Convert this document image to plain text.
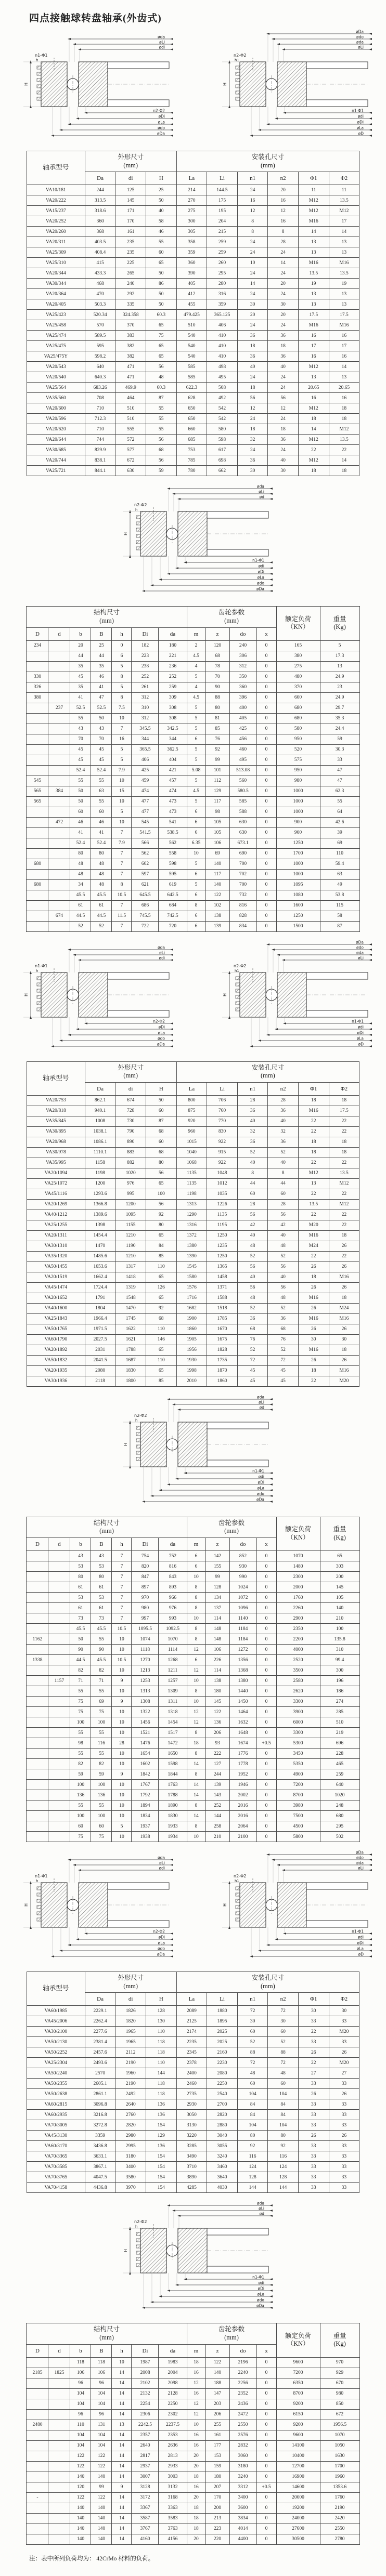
四点接触球转盘轴承(外齿式)
n1-Φ1
øda
øLi
ødi
n2-Φ2
øDi
øLa
ødo
øDa
H
h
n2-Φ2
øDa
ødo
øda
øLi
n1-Φ1
ødi
øDi
øLa
øD
H
h1
轴承型号	外形尺寸
(mm)			安装孔尺寸
(mm)					
	Da	di	H	La	Li	n1	n2	Φ1	Φ2
VA10/181	244	125	25	214	144.5	24	20	11	11
VA20/222	313.5	145	50	270	175	16	16	M12	13.5
VA15/237	318.6	171	40	275	195	12	12	M12	M12
VA20/252	360	170	58	300	204	8	16	M16	17
VA20/260	368	161	46	305	215	8	8	14	14
VA20/311	403.5	235	55	358	259	24	28	13	13
VA25/309	408.4	235	60	359	259	24	24	13	13
VA25/310	415	225	65	360	260	10	14	M16	M16
VA20/344	433.3	265	50	390	295	24	24	13.5	13.5
VA30/344	468	240	86	405	280	14	20	19	19
VA20/364	470	292	50	412	316	24	24	13	13
VA20/405	503.3	335	50	455	359	30	30	13	13
VA25/423	520.34	324.358	60.3	479.425	365.125	20	20	17.5	17.5
VA25/458	570	370	65	510	406	24	24	M16	M16
VA25/474	589.5	383	75	540	410	36	36	16	16
VA25/475	595	382	65	540	410	18	18	17	17
VA25/475Y	598.2	382	65	540	410	36	36	16	16
VA20/543	640	471	56	585	498	40	40	M12	14
VA20/540	640.3	471	48	585	495	24	24	13	13
VA25/564	683.26	469.9	60.3	622.3	508	18	24	20.65	20.65
VA35/560	708	464	87	628	492	56	56	16	16
VA20/600	710	510	55	650	542	12	12	M12	18
VA20/596	712.3	510	55	650	542	24	24	18	18
VA20/620	710	555	55	660	580	18	18	14	M12
VA20/644	744	572	56	685	598	32	36	M12	13.5
VA30/685	829.9	577	68	753	617	24	24	22	22
VA20/744	838.1	672	56	785	698	36	40	M12	14
VA25/721	844.1	630	59	780	662	30	30	18	18
n2-Φ2
øda
øLi
ød
n1-Φ1
ødi
øDi
øLa
ødo
øDa
H
h
结构尺寸
(mm)							齿轮参数
(mm)				额定负荷
（KN）	重量
(Kg)
D	d	b	B	h	Di	da	m	z	do	x		
234		20	25	0	182	180	2	120	240	0	165	5
		44	44	6	223	221	4.5	68	306	0	380	17.3
		35	35	5	238	236	4	78	312	0	275	13
330		45	46	8	252	252	5	70	350	0	480	24.9
326		35	41	5	261	259	4	90	360	0	370	23
380		41	47	8	312	309	4.5	88	396	0	600	24.9
	237	52.5	52.5	7.5	310	308	5	80	400	0	680	29.7
		55	50	10	312	308	5	81	405	0	680	35.3
		43	43	7	345.5	342.5	5	85	425	0	580	24.4
		70	70	16	344	344	6	76	456	0	950	59
		45	45	5	365.5	362.5	5	92	460	0	520	30.3
		45	45	5	406	404	5	99	495	0	575	33
		52.4	52.4	7.9	425	421	5.08	101	513.08	0	950	47
545		55	55	10	459	457	5	112	560	0	980	47
565	384	50	63	15	474	474	4.5	129	580.5	0	1000	62.3
565		50	55	10	477	473	5	117	585	0	1000	55
		60	60	5	477	473	6	98	588	0	1000	64
	472	46	46	10	545	541	6	105	630	0	900	42.6
		41	41	7	541.5	538.5	6	105	630	0	900	39
		52.4	52.4	7.9	566	562	6.35	106	673.1	0	1250	69
		80	80	7	562	558	10	69	690	0	1700	110
680		48	48	7	602	598	5	140	700	0	1000	59.4
		48	48	7	597	595	6	117	702	0	1000	63
680		34	48	8	621	619	5	140	700	0	1095	49
		45.5	45.5	10.5	645.5	642.5	6	122	732	0	1080	53.8
		61	61	7	686	684	8	102	816	0	1600	115
	674	44.5	44.5	11.5	745.5	742.5	6	138	828	0	1250	58
		52	52	7	722	720	6	139	834	0	1500	87
n1-Φ1
øda
øLi
ødi
n2-Φ2
øDi
øLa
ødo
øDa
H
h
n2-Φ2
øDa
ødo
øda
øLi
n1-Φ1
ødi
øDi
øLa
øD
H
h1
轴承型号	外形尺寸
(mm)			安装孔尺寸
(mm)					
	Da	di	H	La	Li	n1	n2	Φ1	Φ2
VA20/753	862.1	674	50	800	706	28	28	18	18
VA20/818	940.1	728	60	875	760	36	36	M16	17.5
VA35/845	1008	730	87	920	770	40	40	22	22
VA30/895	1038.1	790	68	960	830	32	32	22	22
VA20/968	1086.1	890	60	1015	922	36	36	18	18
VA30/978	1110.1	883	68	1040	915	52	52	18	18
VA35/995	1158	882	80	1068	922	40	40	22	22
VA20/1094	1198	1020	56	1135	1048	8	8	M12	13.5
VA25/1072	1200	976	65	1135	1012	44	44	13	M12
VA45/1116	1293.6	995	100	1198	1035	60	60	22	22
VA20/1269	1366.8	1200	56	1313	1226	28	28	13.5	M12
VA40/1212	1389.6	1095	92	1290	1135	56	56	22	22
VA25/1255	1398	1155	80	1316	1195	42	42	M20	22
VA20/1311	1454.4	1210	65	1372	1250	40	40	M16	18
VA30/1310	1470	1190	84	1380	1235	48	48	M24	26
VA35/1320	1485.6	1210	85	1390	1250	52	52	22	22
VA50/1455	1653.6	1317	110	1545	1365	56	56	26	26
VA20/1519	1662.4	1418	65	1580	1458	40	40	18	M16
VA45/1474	1724.4	1319	126	1576	1371	56	56	26	26
VA20/1652	1791	1548	65	1716	1588	48	48	M16	18
VA40/1600	1804	1470	92	1682	1518	52	52	26	M24
VA25/1843	1966.4	1745	68	1900	1785	36	36	M16	M16
VA50/1765	1971.5	1622	110	1860	1670	68	68	26	26
VA60/1790	2027.5	1621	146	1905	1675	76	76	30	30
VA20/1892	2031	1788	65	1956	1828	52	52	M16	18
VA50/1832	2041.5	1687	110	1930	1735	72	72	26	26
VA20/1935	2080	1830	65	1998	1870	45	45	18	M16
VA30/1936	2118	1800	85	2010	1860	45	45	22	M20
n2-Φ2
øda
øLi
ød
n1-Φ1
ødi
øDi
øLa
ødo
øDa
H
h
结构尺寸
(mm)							齿轮参数
(mm)				额定负荷
（KN）	重量
(Kg)
D	d	b	B	h	Di	da	m	z	do	x		
		43	43	7	754	752	6	142	852	0	1070	65
		53	53	7	820	816	6	155	930	0	1480	303
		80	80	7	847	843	10	99	990	0	2300	200
		61	61	7	897	893	8	128	1024	0	2000	145
		53	53	7	970	966	8	134	1072	0	1760	105
		61	61	7	980	976	8	137	1096	0	2260	140
		73	73	7	997	993	10	114	1140	0	2900	210
		45.5	45.5	10.5	1095.5	1092.5	8	148	1184	0	2350	100
1162		50	55	10	1074	1070	8	148	1184	0	2200	135.8
		90	90	10	1118	1114	12	106	1272	0	4000	310
1338		44.5	45.5	10.5	1270	1268	6	226	1356	0	2520	99.4
		82	82	10	1213	1211	12	114	1368	0	3500	300
	1157	71	71	9	1253	1257	10	138	1380	0	2580	196
		55	55	10	1313	1309	8	180	1440	0	2620	186
		75	69	9	1308	1311	10	145	1450	0	3300	274
		75	75	10	1322	1318	12	122	1464	0	3900	285
		100	100	10	1456	1454	12	136	1632	0	6000	510
		55	55	10	1521	1517	8	206	1648	0	3300	219
		98	116	28	1476	1472	18	93	1674	+0.5	5300	696
		55	55	10	1654	1650	8	222	1776	0	3450	228
		82	82	10	1602	1598	14	127	1778	0	5350	465
		59	59	9	1842	1844	8	244	1952	0	4900	259
		100	100	10	1767	1763	14	139	1946	0	7200	640
		136	136	10	1792	1788	14	143	2002	0	8700	1020
		55	55	10	1894	1890	8	252	2016	0	3980	248
		100	100	10	1834	1830	14	144	2016	0	7500	680
		60	60	5	1937	1933	8	258	2064	0	4500	295
		75	75	10	1938	1934	10	210	2100	0	5800	502
n1-Φ1
øda
øLi
ødi
n2-Φ2
øDi
øLa
ødo
øDa
H
h
n2-Φ2
øDa
ødo
øda
øLi
n1-Φ1
ødi
øDi
øLa
øD
H
h1
轴承型号	外形尺寸
(mm)			安装孔尺寸
(mm)					
	Da	di	H	La	Li	n1	n2	Φ1	Φ2
VA60/1985	2229.1	1826	128	2089	1880	72	72	30	30
VA45/2006	2262.4	1820	130	2125	1895	30	30	33	33
VA30/2100	2277.6	1965	110	2174	2025	60	60	22	M20
VA50/2130	2381.4	1965	118	2235	2025	52	52	33	33
VA50/2252	2457.6	2112	118	2345	2160	88	88	26	26
VA25/2304	2493.6	2190	110	2378	2230	72	72	22	M20
VA50/2240	2570	1960	144	2400	2080	48	48	27	27
VA50/2355	2605.1	2190	118	2460	2250	60	60	33	33
VA50/2638	2861.1	2492	118	2735	2540	104	104	26	26
VA60/2815	3096.8	2640	136	2930	2700	84	84	33	33
VA60/2935	3216.8	2760	136	3050	2820	84	84	33	33
VA70/3005	3272.8	2820	154	3130	2880	104	104	33	33
VA45/3130	3359	2980	129	3220	3040	80	80	26	26
VA60/3170	3436.8	2995	136	3285	3055	92	92	33	33
VA70/3365	3633.1	3180	154	3490	3240	116	116	33	33
VA70/3585	3867.1	3400	154	3710	3460	124	124	33	33
VA70/3765	4047.5	3580	154	3890	3640	128	128	33	33
VA70/4158	4436.8	3970	154	4285	4030	144	144	33	33
n2-Φ2
øda
øLi
ød
n1-Φ1
ødi
øDi
øLa
ødo
øDa
H
h
结构尺寸
(mm)							齿轮参数
(mm)				额定负荷
（KN）	重量
(Kg)
D	d	b	B	h	Di	da	m	z	do	x		
		118	118	10	1987	1983	18	122	2196	0	9600	970
2185	1825	106	106	14	2008	2004	16	140	2240	0	7200	929
		96	96	14	2102	2098	12	188	2256	0	6350	670
		104	104	14	2132	2128	16	147	2352	0	8700	980
		104	104	14	2254	2250	12	203	2436	0	9200	850
		96	96	14	2306	2302	12	206	2472	0	6150	672
2480		110	131	13	2242.5	2237.5	10	255	2550	0	9200	1956.5
		104	104	14	2357	2353	16	161	2576	0	9600	1070
		104	104	14	2640	2636	16	177	2832	0	14100	1050
		122	122	14	2817	2813	20	153	3060	0	10400	1630
		122	122	14	2937	2933	20	159	3180	0	12700	1700
		140	140	14	3007	3003	18	180	3240	0	16900	1960
		120	99	9	3128	3132	16	207	3312	+0.5	14600	1353.6
-		122	122	14	3172	3168	20	170	3400	0	20000	1760
		140	140	14	3367	3363	18	200	3600	0	19200	2190
		140	140	14	3587	3583	18	213	3834	0	24000	2420
		140	140	14	3767	3763	18	223	4014	0	27600	2550
		140	140	14	4160	4156	20	220	4400	0	30500	2780

注：表中所列负荷均为： 42CrMo 材料的负荷。
